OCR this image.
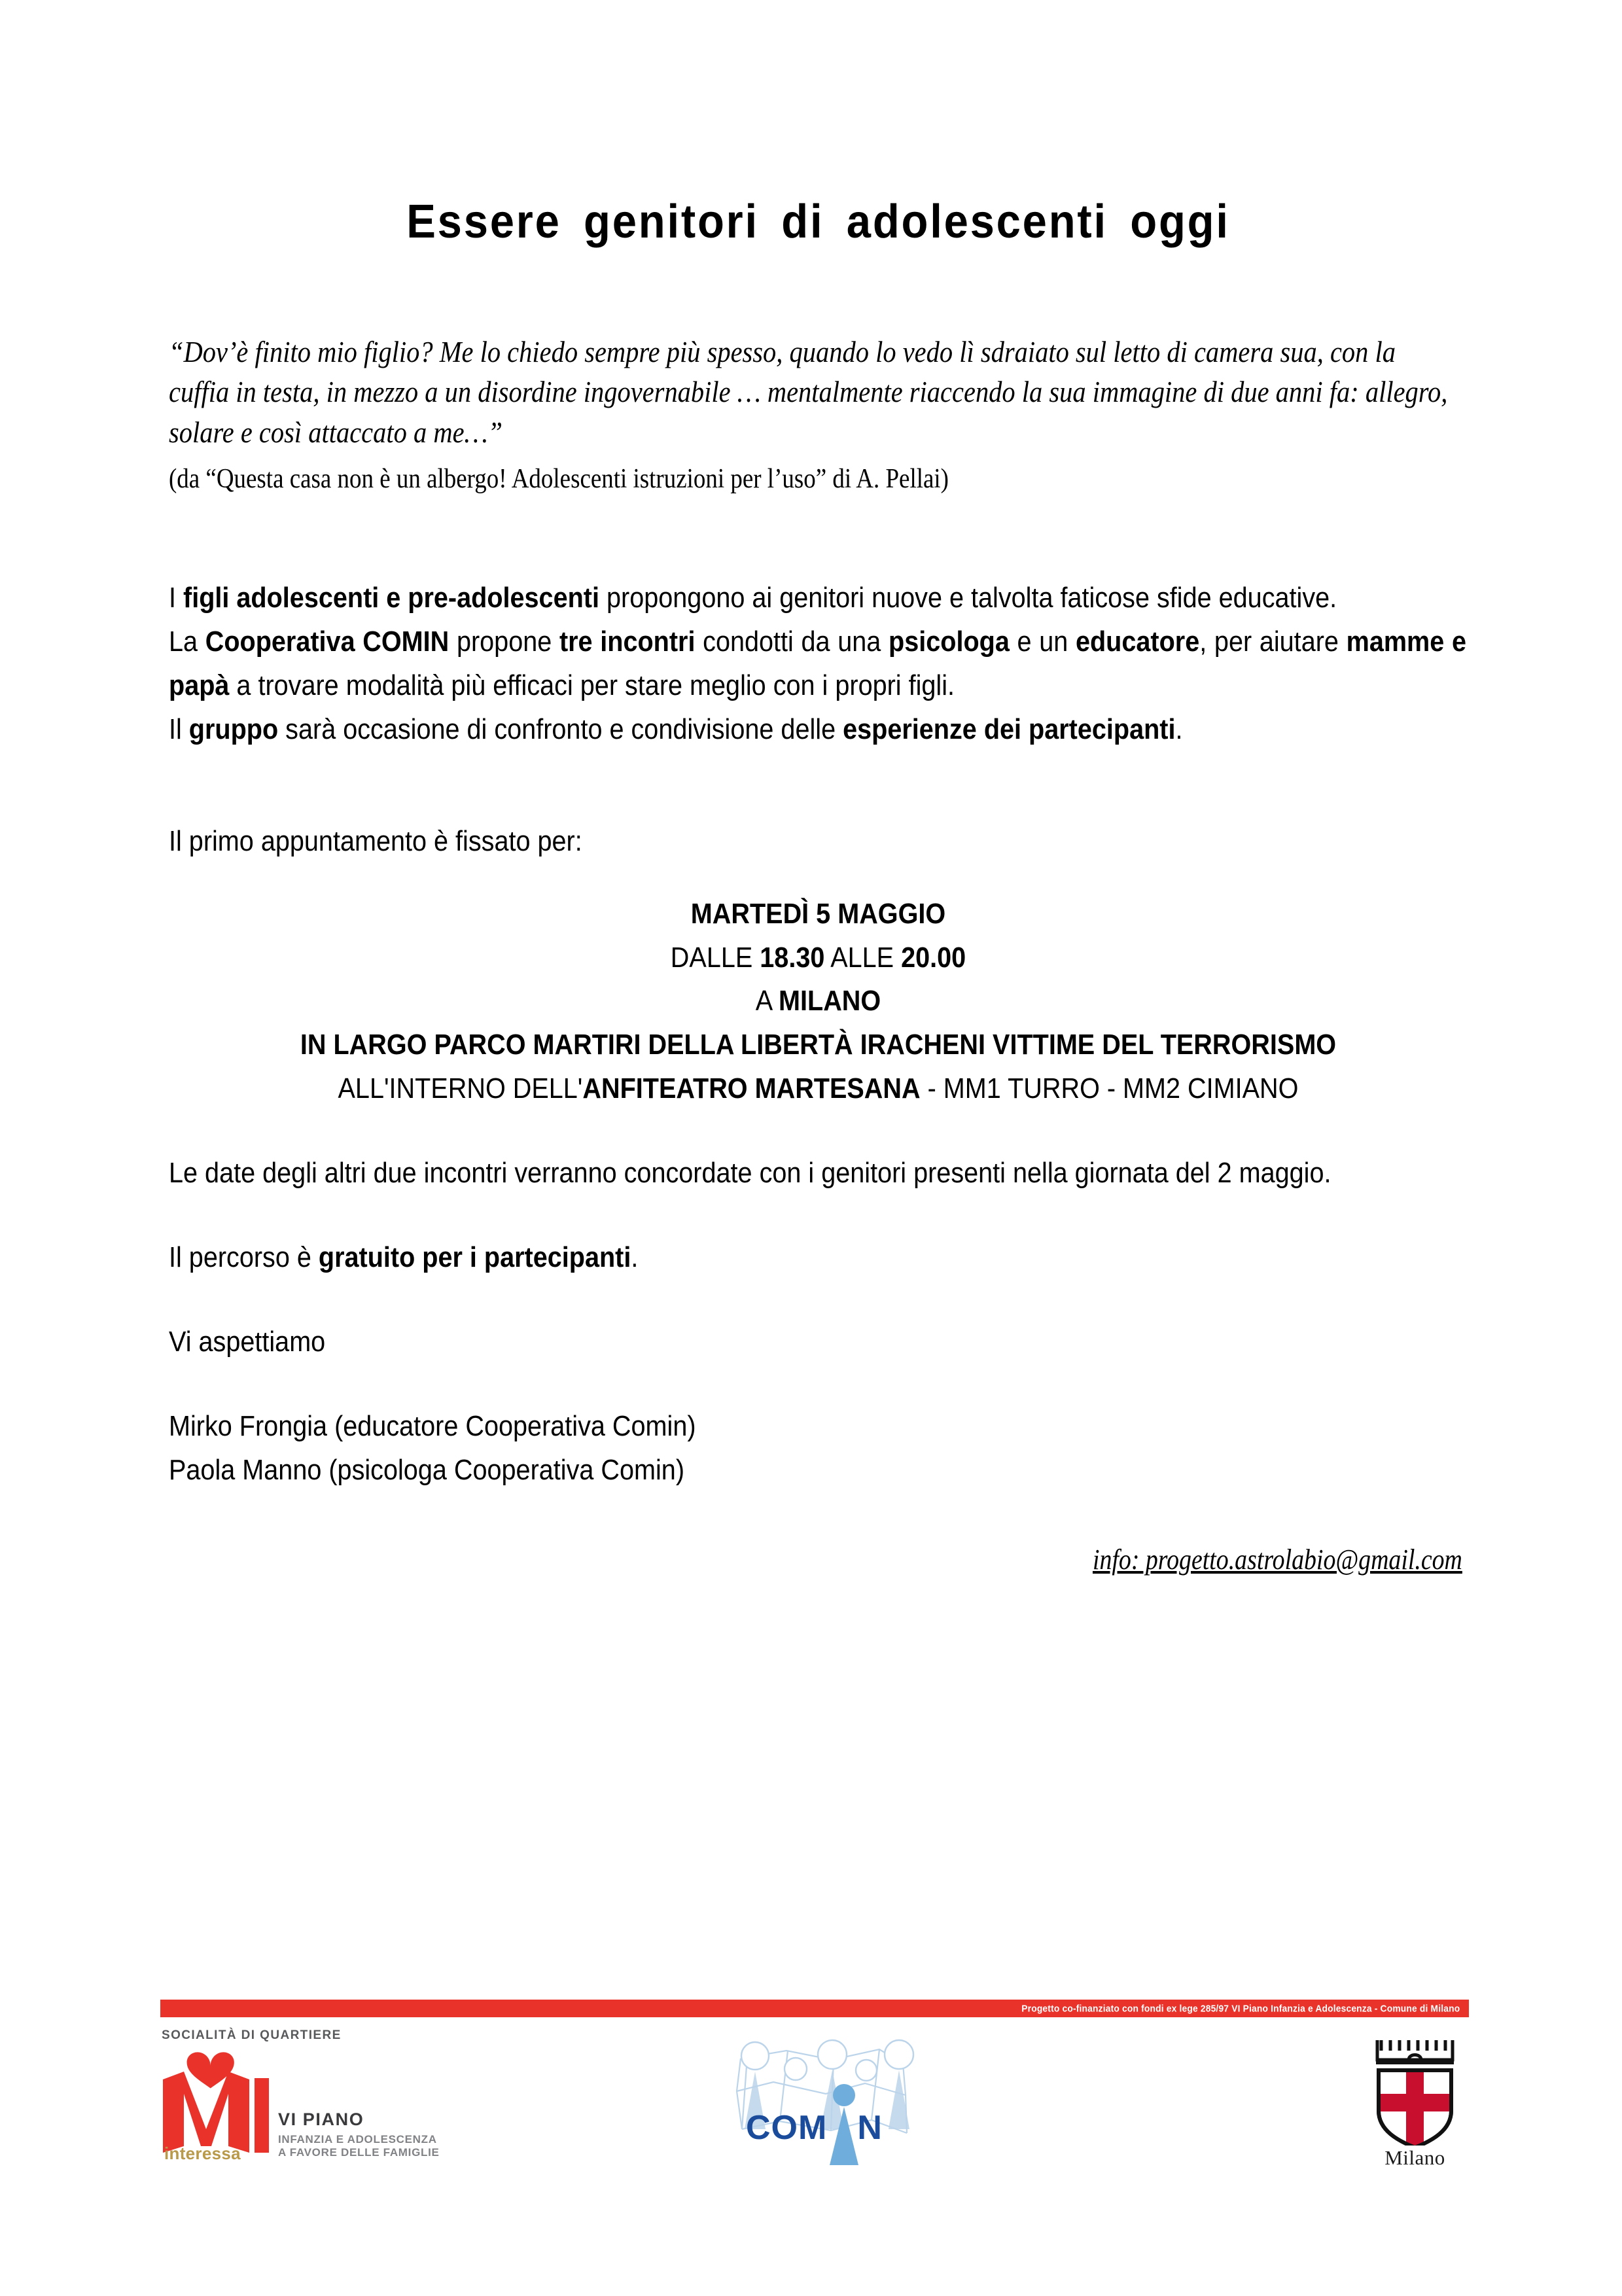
Essere genitori di adolescenti oggi
“Dov’è finito mio figlio? Me lo chiedo sempre più spesso, quando lo vedo lì sdraiato sul letto di camera sua, con la cuffia in testa, in mezzo a un disordine ingovernabile … mentalmente riaccendo la sua immagine di due anni fa: allegro, solare e così attaccato a me…”
(da “Questa casa non è un albergo! Adolescenti istruzioni per l’uso” di A. Pellai)

I figli adolescenti e pre-adolescenti propongono ai genitori nuove e talvolta faticose sfide educative.

La Cooperativa COMIN propone tre incontri condotti da una psicologa e un educatore, per aiutare mamme e papà a trovare modalità più efficaci per stare meglio con i propri figli.

Il gruppo sarà occasione di confronto e condivisione delle esperienze dei partecipanti.

Il primo appuntamento è fissato per:

MARTEDÌ 5 MAGGIO

DALLE 18.30 ALLE 20.00

A MILANO

IN LARGO PARCO MARTIRI DELLA LIBERTÀ IRACHENI VITTIME DEL TERRORISMO

ALL'INTERNO DELL'ANFITEATRO MARTESANA - MM1 TURRO - MM2 CIMIANO

Le date degli altri due incontri verranno concordate con i genitori presenti nella giornata del 2 maggio.

Il percorso è gratuito per i partecipanti.

Vi aspettiamo

Mirko Frongia (educatore Cooperativa Comin)

Paola Manno (psicologa Cooperativa Comin)

info: progetto.astrolabio@gmail.com
Progetto co-finanziato con fondi ex lege 285/97 VI Piano Infanzia e Adolescenza - Comune di Milano
SOCIALITÀ DI QUARTIERE
interessa
VI PIANO
INFANZIA E ADOLESCENZA
A FAVORE DELLE FAMIGLIE
COM N
Milano
